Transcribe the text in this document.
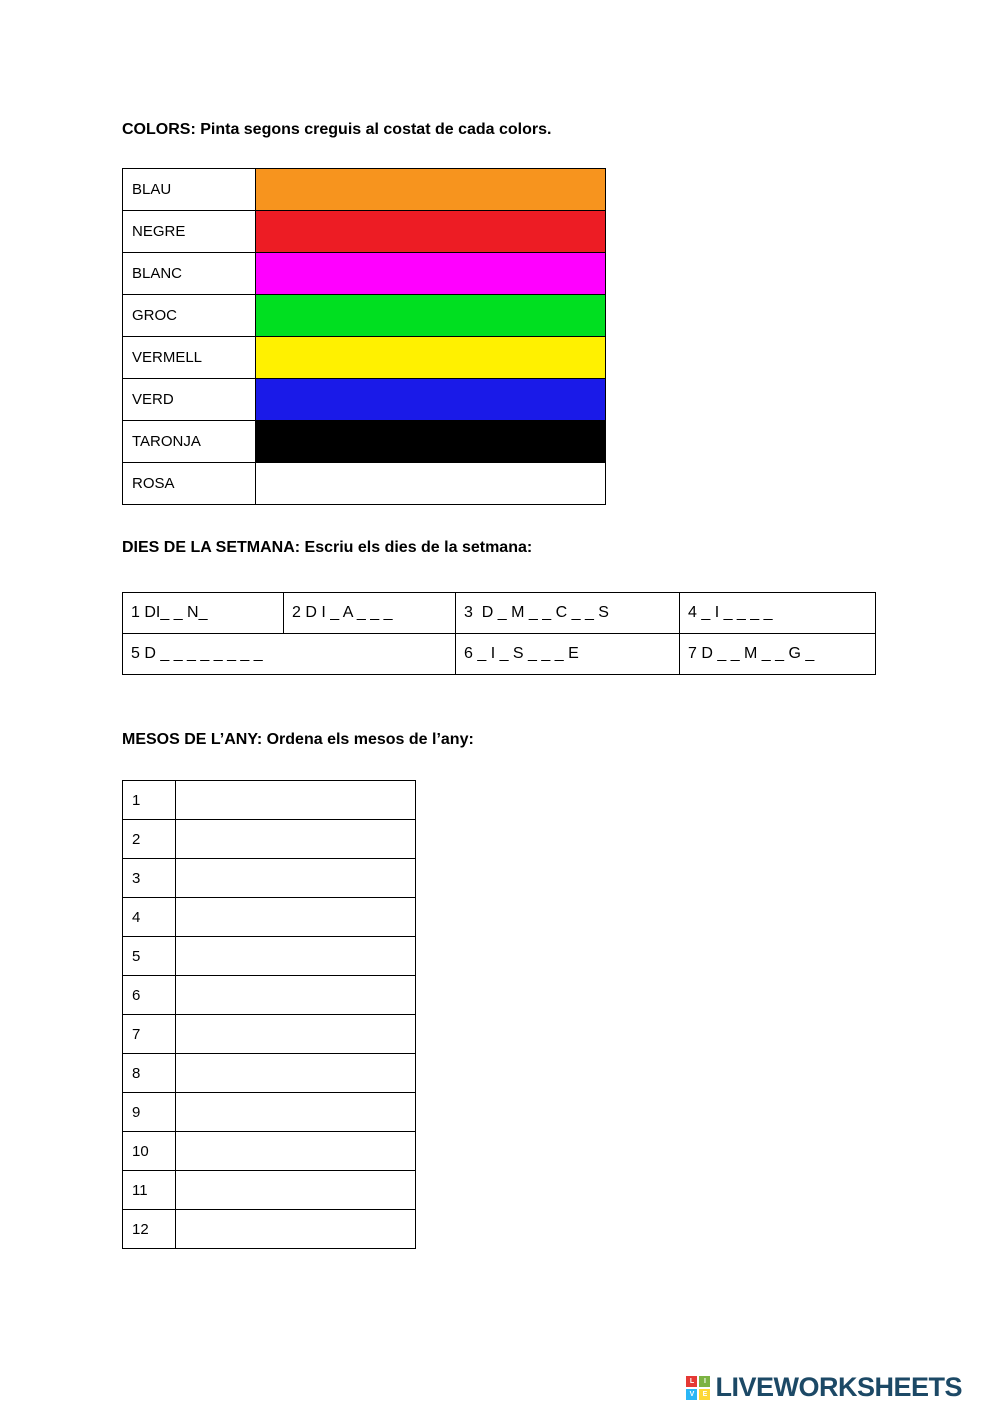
COLORS: Pinta segons creguis al costat de cada colors.
BLAU	
NEGRE	
BLANC	
GROC	
VERMELL	
VERD	
TARONJA	
ROSA	
DIES DE LA SETMANA: Escriu els dies de la setmana:
1 DI_ _ N_	2 D I _ A _ _ _	3  D _ M _ _ C _ _ S	4 _ I _ _ _ _
5 D _ _ _ _ _ _ _ _		6 _ I _ S _ _ _ E	7 D _ _ M _ _ G _
MESOS DE L’ANY: Ordena els mesos de l’any:
1	
2	
3	
4	
5	
6	
7	
8	
9	
10	
11	
12	
L	I
V	E LIVEWORKSHEETS
